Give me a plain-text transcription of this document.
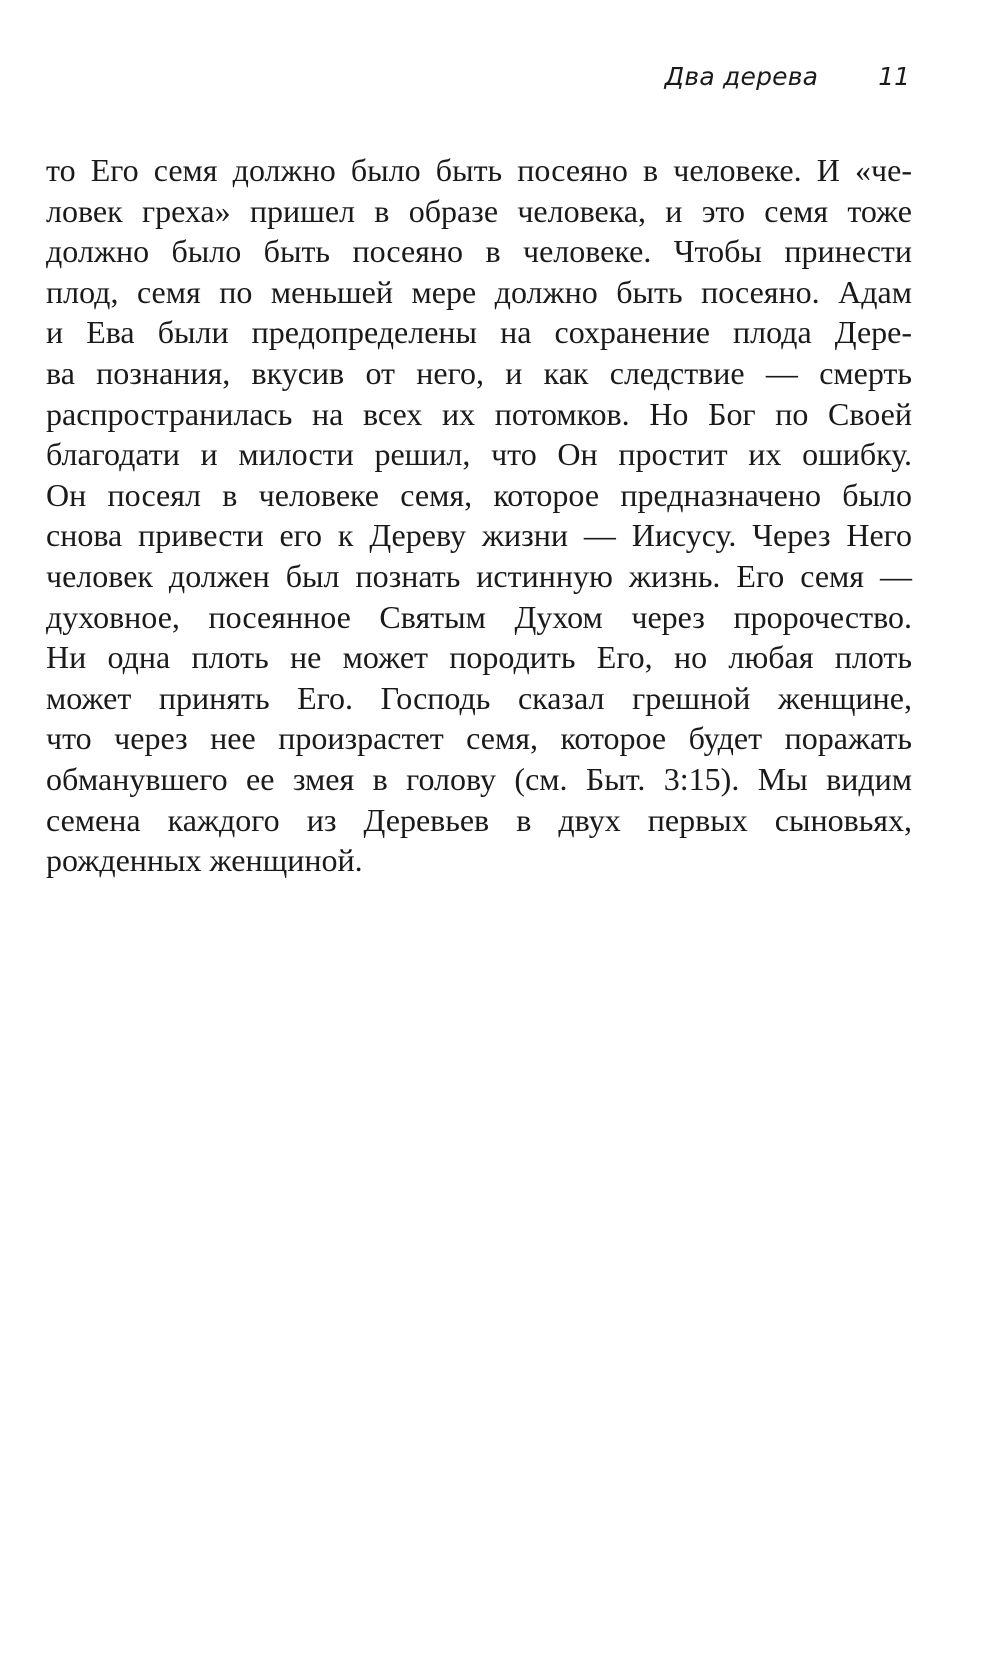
Два дерева 11
то Его семя должно было быть посеяно в человеке. И «че-
ловек греха» пришел в образе человека, и это семя тоже
должно было быть посеяно в человеке. Чтобы принести
плод, семя по меньшей мере должно быть посеяно. Адам
и Ева были предопределены на сохранение плода Дере-
ва познания, вкусив от него, и как следствие — смерть
распространилась на всех их потомков. Но Бог по Своей
благодати и милости решил, что Он простит их ошибку.
Он посеял в человеке семя, которое предназначено было
снова привести его к Дереву жизни — Иисусу. Через Него
человек должен был познать истинную жизнь. Его семя —
духовное, посеянное Святым Духом через пророчество.
Ни одна плоть не может породить Его, но любая плоть
может принять Его. Господь сказал грешной женщине,
что через нее произрастет семя, которое будет поражать
обманувшего ее змея в голову (см. Быт. 3:15). Мы видим
семена каждого из Деревьев в двух первых сыновьях,
рожденных женщиной.
